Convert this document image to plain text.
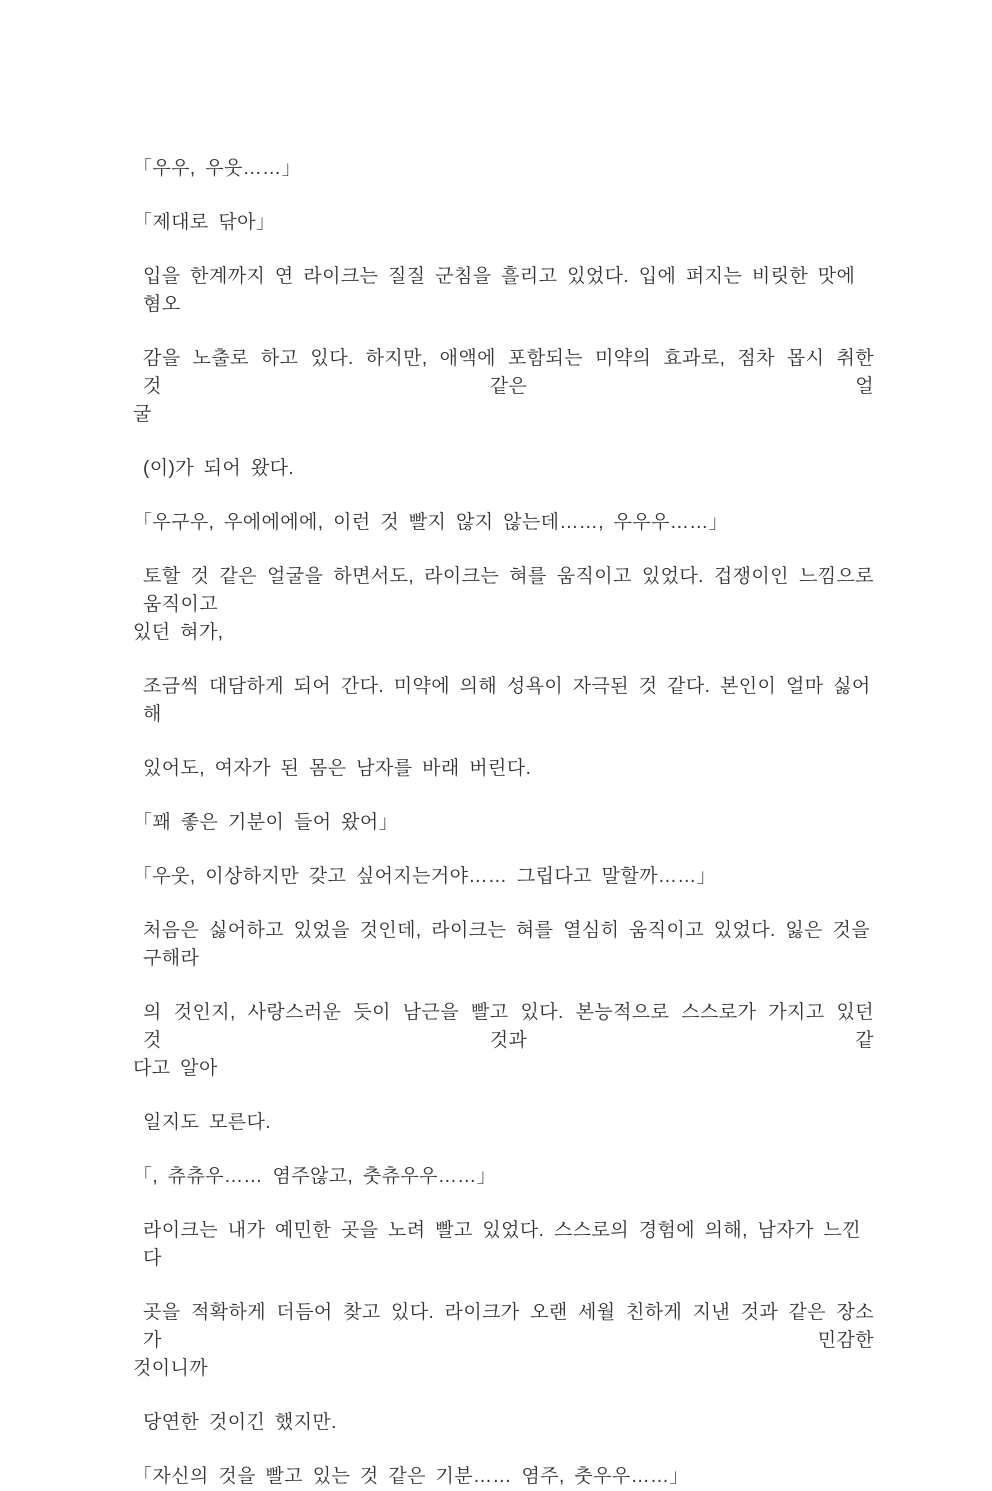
「우우, 우웃……」

「제대로 닦아」

입을 한계까지 연 라이크는 질질 군침을 흘리고 있었다. 입에 퍼지는 비릿한 맛에 혐오

감을 노출로 하고 있다. 하지만, 애액에 포함되는 미약의 효과로, 점차 몹시 취한 것 같은 얼
굴

(이)가 되어 왔다.

「우구우, 우에에에에, 이런 것 빨지 않지 않는데……, 우우우……」

토할 것 같은 얼굴을 하면서도, 라이크는 혀를 움직이고 있었다. 겁쟁이인 느낌으로 움직이고
있던 혀가,

조금씩 대담하게 되어 간다. 미약에 의해 성욕이 자극된 것 같다. 본인이 얼마 싫어해

있어도, 여자가 된 몸은 남자를 바래 버린다.

「꽤 좋은 기분이 들어 왔어」

「우웃, 이상하지만 갖고 싶어지는거야…… 그립다고 말할까……」

처음은 싫어하고 있었을 것인데, 라이크는 혀를 열심히 움직이고 있었다. 잃은 것을 구해라

의 것인지, 사랑스러운 듯이 남근을 빨고 있다. 본능적으로 스스로가 가지고 있던 것 것과 같
다고 알아

일지도 모른다.

「, 츄츄우…… 염주않고, 춧츄우우……」

라이크는 내가 예민한 곳을 노려 빨고 있었다. 스스로의 경험에 의해, 남자가 느낀다

곳을 적확하게 더듬어 찾고 있다. 라이크가 오랜 세월 친하게 지낸 것과 같은 장소가 민감한
것이니까

당연한 것이긴 했지만.

「자신의 것을 빨고 있는 것 같은 기분…… 염주, 춧우우……」
